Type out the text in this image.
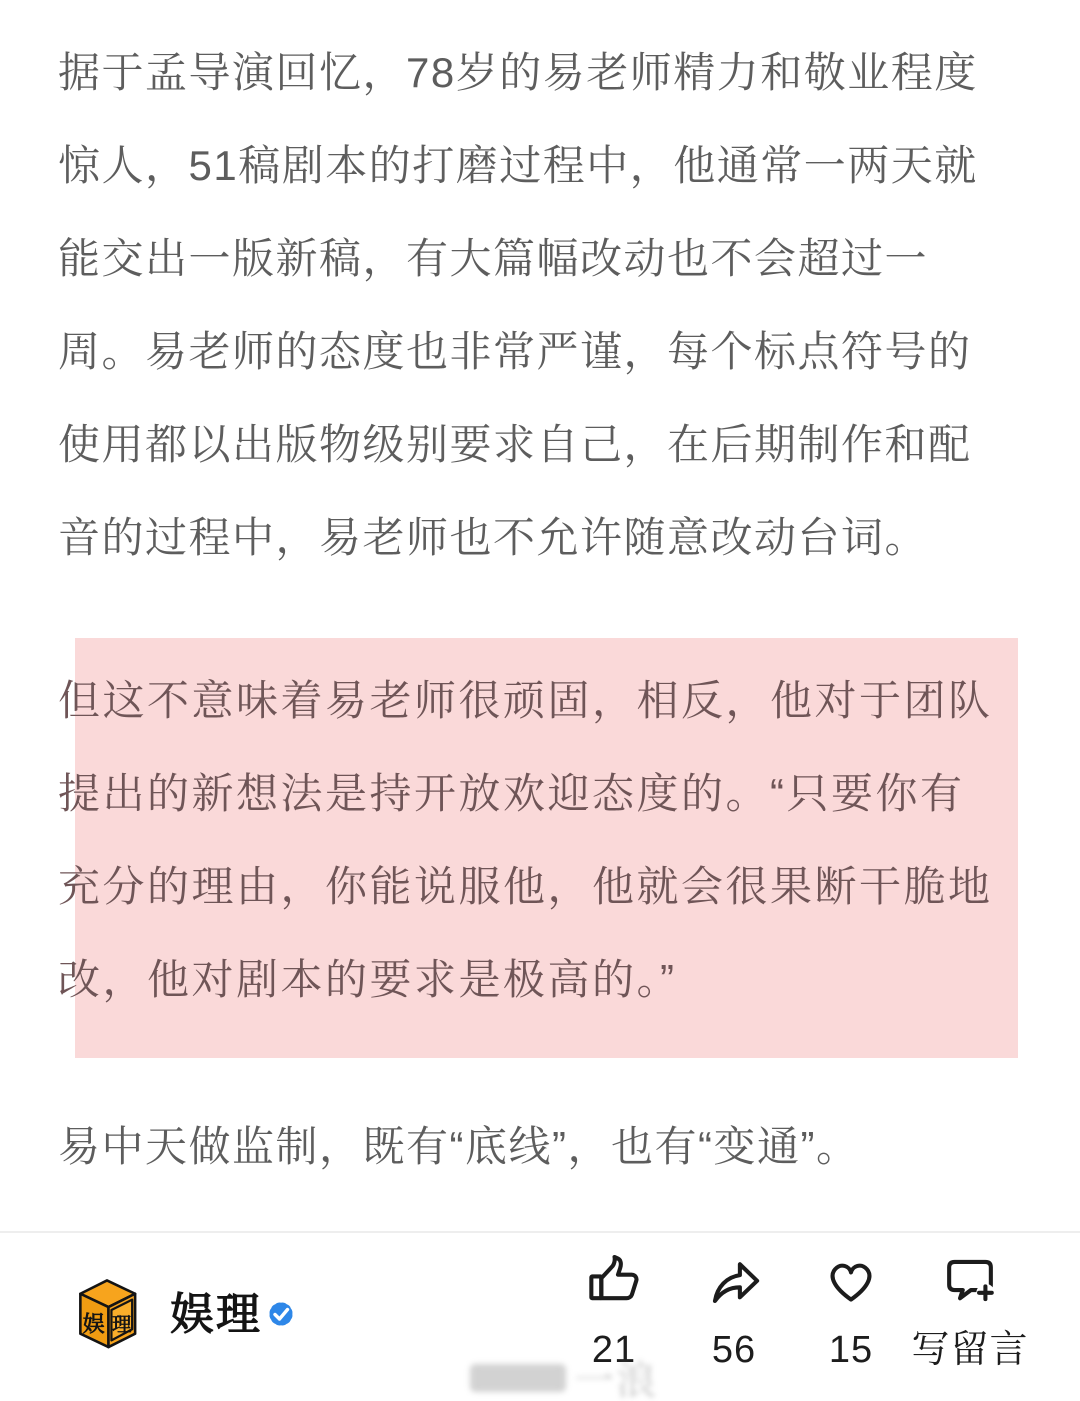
据于孟导演回忆，78岁的易老师精力和敬业程度
惊人，51稿剧本的打磨过程中，他通常一两天就
能交出一版新稿，有大篇幅改动也不会超过一
周。易老师的态度也非常严谨，每个标点符号的
使用都以出版物级别要求自己，在后期制作和配
音的过程中，易老师也不允许随意改动台词。
但这不意味着易老师很顽固，相反，他对于团队
提出的新想法是持开放欢迎态度的。“只要你有
充分的理由，你能说服他，他就会很果断干脆地
改，他对剧本的要求是极高的。”
易中天做监制，既有“底线”，也有“变通”。
娱 理 娱理
21 56 15 写留言
一浪
